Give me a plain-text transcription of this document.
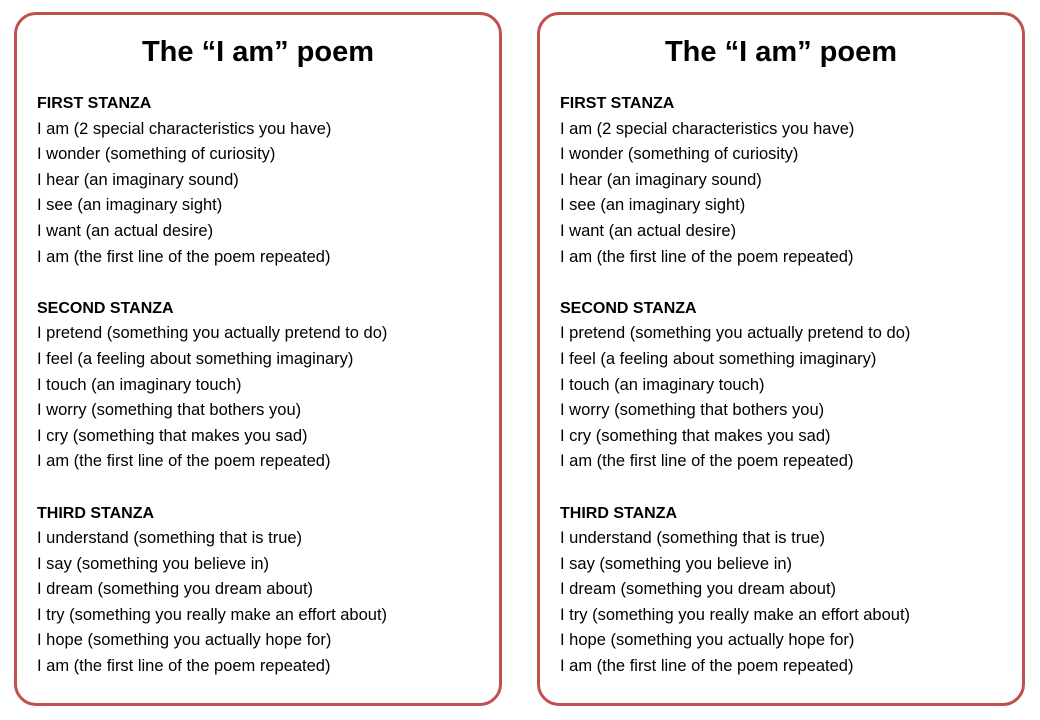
The “I am” poem
FIRST STANZA
I am (2 special characteristics you have)
I wonder (something of curiosity)
I hear (an imaginary sound)
I see (an imaginary sight)
I want (an actual desire)
I am (the first line of the poem repeated)
SECOND STANZA
I pretend (something you actually pretend to do)
I feel (a feeling about something imaginary)
I touch (an imaginary touch)
I worry (something that bothers you)
I cry (something that makes you sad)
I am (the first line of the poem repeated)
THIRD STANZA
I understand (something that is true)
I say (something you believe in)
I dream (something you dream about)
I try (something you really make an effort about)
I hope (something you actually hope for)
I am (the first line of the poem repeated)
The “I am” poem
FIRST STANZA
I am (2 special characteristics you have)
I wonder (something of curiosity)
I hear (an imaginary sound)
I see (an imaginary sight)
I want (an actual desire)
I am (the first line of the poem repeated)
SECOND STANZA
I pretend (something you actually pretend to do)
I feel (a feeling about something imaginary)
I touch (an imaginary touch)
I worry (something that bothers you)
I cry (something that makes you sad)
I am (the first line of the poem repeated)
THIRD STANZA
I understand (something that is true)
I say (something you believe in)
I dream (something you dream about)
I try (something you really make an effort about)
I hope (something you actually hope for)
I am (the first line of the poem repeated)
